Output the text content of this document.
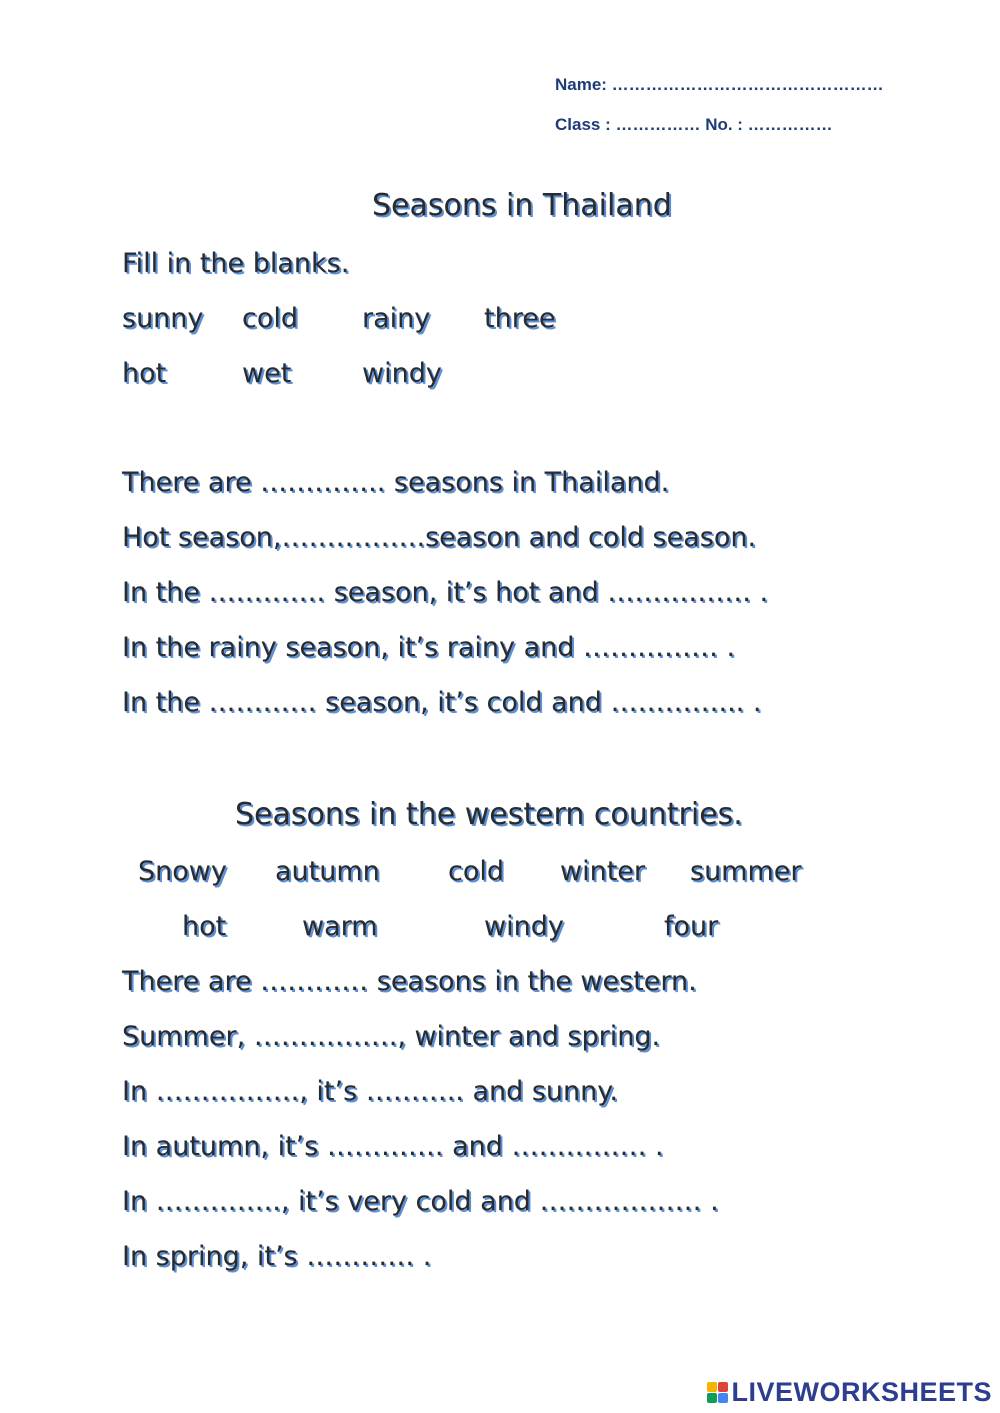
Name: …………………………………………
Class : …………… No. : ……………
Seasons in Thailand
Fill in the blanks.
sunny cold rainy three
hot	wet	windy
There are ………….. seasons in Thailand.
Hot season,…………….season and cold season.
In the …………. season, it’s hot and ……………. .
In the rainy season, it’s rainy and …………… .
In the ………… season, it’s cold and …………... .
Seasons in the western countries.
Snowy autumn	cold winter summer
hot	warm	windy	four
There are ………… seasons in the western.
Summer, ……………., winter and spring.
In ……………., it’s ……….. and sunny.
In autumn, it’s …………. and …………… .
In ………….., it’s very cold and ……………… .
In spring, it’s ………… .
LIVEWORKSHEETS
